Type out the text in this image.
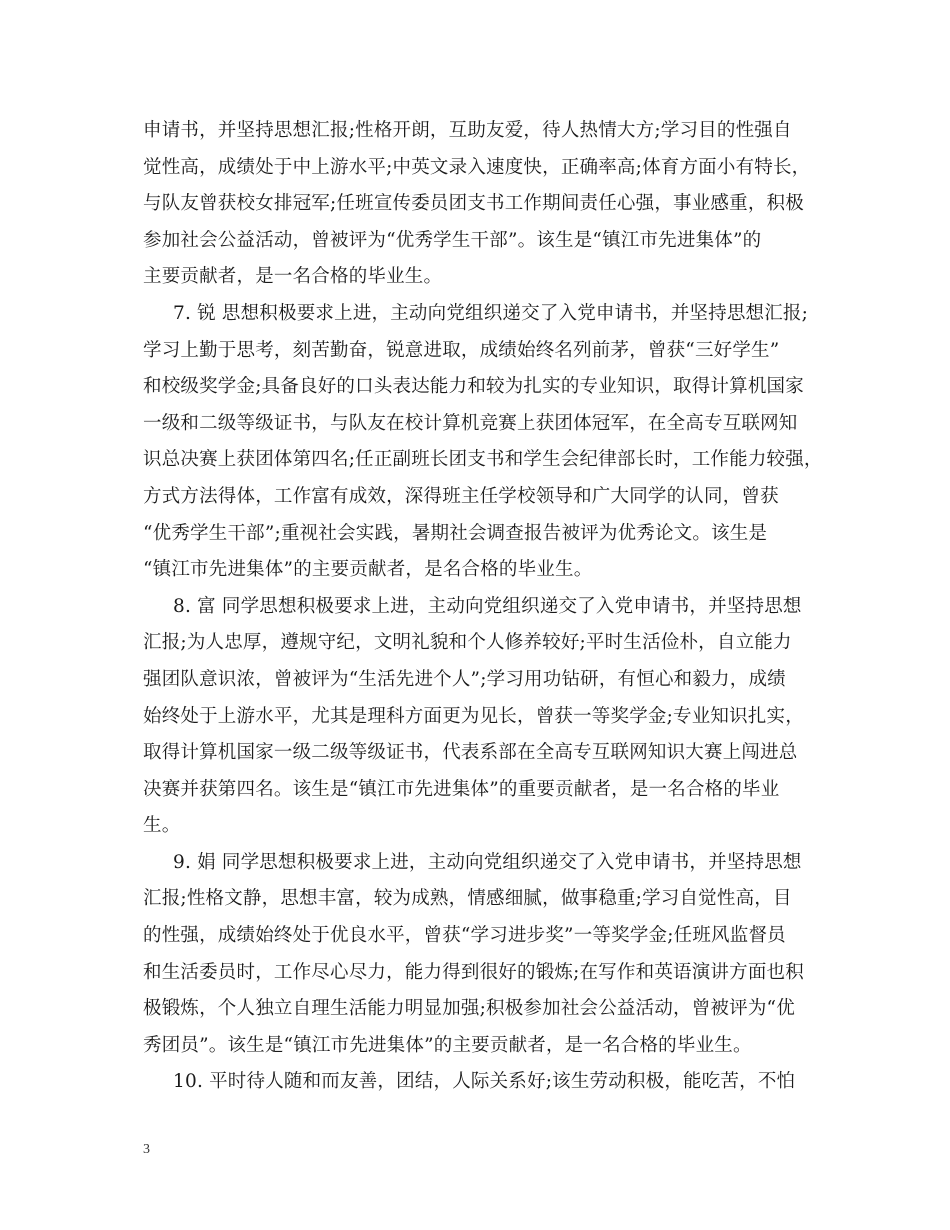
申请书，并坚持思想汇报;性格开朗，互助友爱，待人热情大方;学习目的性强自
觉性高，成绩处于中上游水平;中英文录入速度快，正确率高;体育方面小有特长，
与队友曾获校女排冠军;任班宣传委员团支书工作期间责任心强，事业感重，积极
参加社会公益活动，曾被评为“优秀学生干部”。该生是“镇江市先进集体”的
主要贡献者，是一名合格的毕业生。
7. 锐 思想积极要求上进，主动向党组织递交了入党申请书，并坚持思想汇报;
学习上勤于思考，刻苦勤奋，锐意进取，成绩始终名列前茅，曾获“三好学生”
和校级奖学金;具备良好的口头表达能力和较为扎实的专业知识，取得计算机国家
一级和二级等级证书，与队友在校计算机竞赛上获团体冠军，在全高专互联网知
识总决赛上获团体第四名;任正副班长团支书和学生会纪律部长时，工作能力较强，
方式方法得体，工作富有成效，深得班主任学校领导和广大同学的认同，曾获
“优秀学生干部”;重视社会实践，暑期社会调查报告被评为优秀论文。该生是
“镇江市先进集体”的主要贡献者，是名合格的毕业生。
8. 富 同学思想积极要求上进，主动向党组织递交了入党申请书，并坚持思想
汇报;为人忠厚，遵规守纪，文明礼貌和个人修养较好;平时生活俭朴，自立能力
强团队意识浓，曾被评为“生活先进个人”;学习用功钻研，有恒心和毅力，成绩
始终处于上游水平，尤其是理科方面更为见长，曾获一等奖学金;专业知识扎实，
取得计算机国家一级二级等级证书，代表系部在全高专互联网知识大赛上闯进总
决赛并获第四名。该生是“镇江市先进集体”的重要贡献者，是一名合格的毕业
生。
9. 娟 同学思想积极要求上进，主动向党组织递交了入党申请书，并坚持思想
汇报;性格文静，思想丰富，较为成熟，情感细腻，做事稳重;学习自觉性高，目
的性强，成绩始终处于优良水平，曾获“学习进步奖”一等奖学金;任班风监督员
和生活委员时，工作尽心尽力，能力得到很好的锻炼;在写作和英语演讲方面也积
极锻炼，个人独立自理生活能力明显加强;积极参加社会公益活动，曾被评为“优
秀团员”。该生是“镇江市先进集体”的主要贡献者，是一名合格的毕业生。
10. 平时待人随和而友善，团结，人际关系好;该生劳动积极，能吃苦，不怕
3
